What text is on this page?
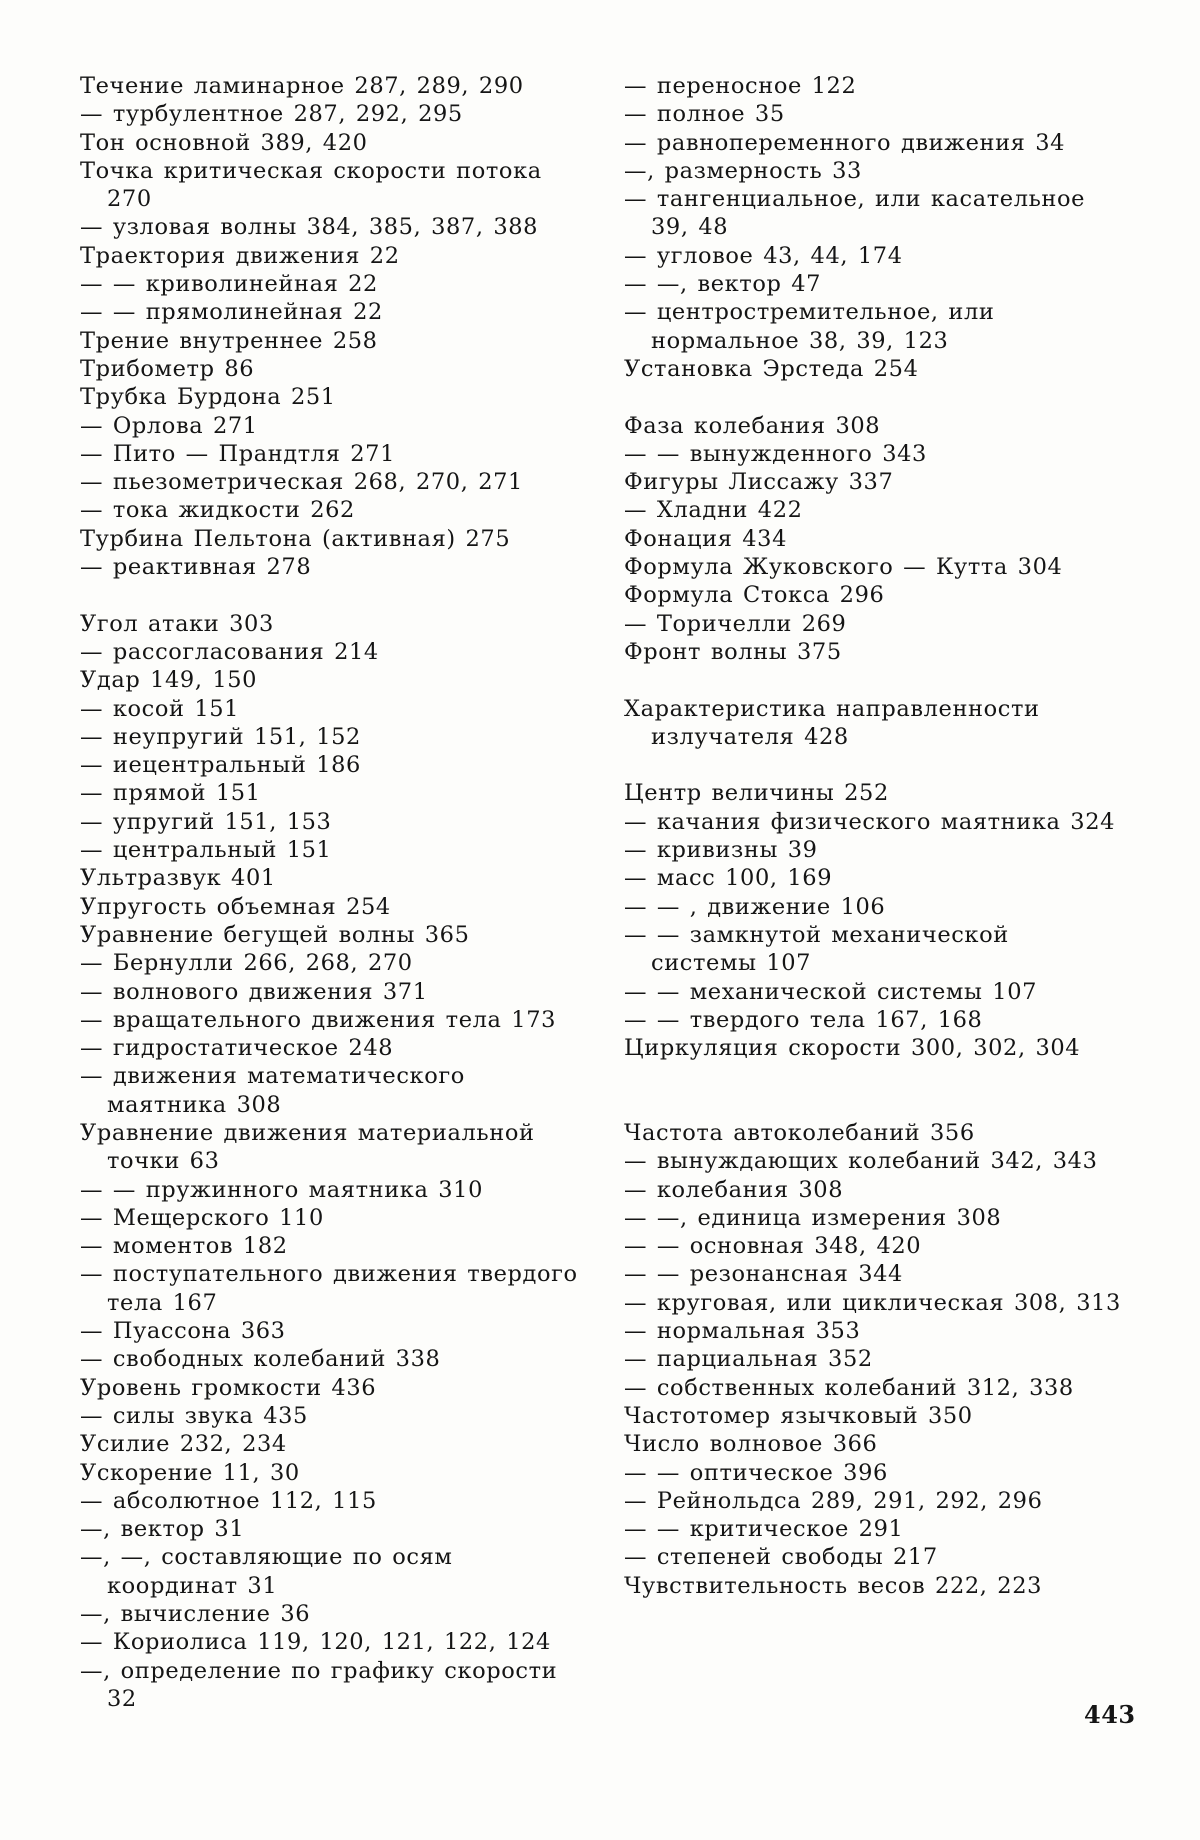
Течение ламинарное 287, 289, 290

— турбулентное 287, 292, 295

Тон основной 389, 420

Точка критическая скорости потока 270

— узловая волны 384, 385, 387, 388

Траектория движения 22

— — криволинейная 22

— — прямолинейная 22

Трение внутреннее 258

Трибометр 86

Трубка Бурдона 251

— Орлова 271

— Пито — Прандтля 271

— пьезометрическая 268, 270, 271

— тока жидкости 262

Турбина Пельтона (активная) 275

— реактивная 278

Угол атаки 303

— рассогласования 214

Удар 149, 150

— косой 151

— неупругий 151, 152

— иецентральный 186

— прямой 151

— упругий 151, 153

— центральный 151

Ультразвук 401

Упругость объемная 254

Уравнение бегущей волны 365

— Бернулли 266, 268, 270

— волнового движения 371

— вращательного движения тела 173

— гидростатическое 248

— движения математического маятника 308

Уравнение движения материальной точки 63

— — пружинного маятника 310

— Мещерского 110

— моментов 182

— поступательного движения твердого тела 167

— Пуассона 363

— свободных колебаний 338

Уровень громкости 436

— силы звука 435

Усилие 232, 234

Ускорение 11, 30

— абсолютное 112, 115

—, вектор 31

—, —, составляющие по осям координат 31

—, вычисление 36

— Кориолиса 119, 120, 121, 122, 124

—, определение по графику скорости 32

— переносное 122

— полное 35

— равнопеременного движения 34

—, размерность 33

— тангенциальное, или касательное 39, 48

— угловое 43, 44, 174

— —, вектор 47

— центростремительное, или нормальное 38, 39, 123

Установка Эрстеда 254

Фаза колебания 308

— — вынужденного 343

Фигуры Лиссажу 337

— Хладни 422

Фонация 434

Формула Жуковского — Кутта 304

Формула Стокса 296

— Торичелли 269

Фронт волны 375

Характеристика направленности излучателя 428

Центр величины 252

— качания физического маятника 324

— кривизны 39

— масс 100, 169

— — , движение 106

— — замкнутой механической системы 107

— — механической системы 107

— — твердого тела 167, 168

Циркуляция скорости 300, 302, 304

Частота автоколебаний 356

— вынуждающих колебаний 342, 343

— колебания 308

— —, единица измерения 308

— — основная 348, 420

— — резонансная 344

— круговая, или циклическая 308, 313

— нормальная 353

— парциальная 352

— собственных колебаний 312, 338

Частотомер язычковый 350

Число волновое 366

— — оптическое 396

— Рейнольдса 289, 291, 292, 296

— — критическое 291

— степеней свободы 217

Чувствительность весов 222, 223

443
